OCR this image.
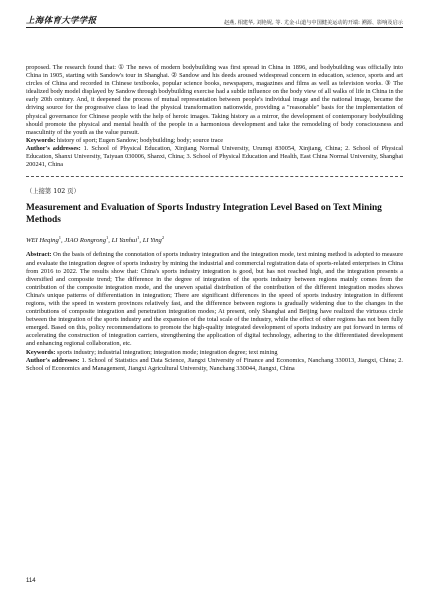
上海体育大学学报	赵燕, 相建华, 刘艳妮, 等. 尤金·山道与中国健美运动的开端: 溯源、影响及启示

proposed. The research found that: ① The news of modern bodybuilding was first spread in China in 1896, and bodybuilding was officially into China in 1905, starting with Sandow's tour in Shanghai. ② Sandow and his deeds aroused widespread concern in education, science, sports and art circles of China and recorded in Chinese textbooks, popular science books, newspapers, magazines and films as well as television works. ③ The idealized body model displayed by Sandow through bodybuilding exercise had a subtle influence on the body view of all walks of life in China in the early 20th century. And, it deepened the process of mutual representation between people's individual image and the national image, became the driving source for the progressive class to lead the physical transformation nationwide, providing a "reasonable" basis for the implementation of physical governance for Chinese people with the help of heroic images. Taking history as a mirror, the development of contemporary bodybuilding should promote the physical and mental health of the people in a harmonious development and take the remodeling of body consciousness and masculinity of the youth as the value pursuit.

Keywords: history of sport; Eugen Sandow; bodybuilding; body; source trace

Author's addresses: 1. School of Physical Education, Xinjiang Normal University, Urumqi 830054, Xinjiang, China; 2. School of Physical Education, Shanxi University, Taiyuan 030006, Shanxi, China; 3. School of Physical Education and Health, East China Normal University, Shanghai 200241, China

（上接第 102 页）

Measurement and Evaluation of Sports Industry Integration Level Based on Text Mining Methods

WEI Heqing$^1$, JIAO Rongrong$^1$, LI Yanhui$^1$, LI Ying$^2$

Abstract: On the basis of defining the connotation of sports industry integration and the integration mode, text mining method is adopted to measure and evaluate the integration degree of sports industry by mining the industrial and commercial registration data of sports-related enterprises in China from 2016 to 2022. The results show that: China's sports industry integration is good, but has not reached high, and the integration presents a diversified and composite trend; The difference in the degree of integration of the sports industry between regions mainly comes from the contribution of the composite integration mode, and the uneven spatial distribution of the contribution of the different integration modes shows China's unique patterns of differentiation in integration; There are significant differences in the speed of sports industry integration in different regions, with the speed in western provinces relatively fast, and the difference between regions is gradually widening due to the changes in the contributions of composite integration and penetration integration modes; At present, only Shanghai and Beijing have realized the virtuous circle between the integration of the sports industry and the expansion of the total scale of the industry, while the effect of other regions has not been fully emerged. Based on this, policy recommendations to promote the high-quality integrated development of sports industry are put forward in terms of accelerating the construction of integration carriers, strengthening the application of digital technology, adhering to the differentiated development and enhancing regional collaboration, etc.

Keywords: sports industry; industrial integration; integration mode; integration degree; text mining

Author's addresses: 1. School of Statistics and Data Science, Jiangxi University of Finance and Economics, Nanchang 330013, Jiangxi, China; 2. School of Economics and Management, Jiangxi Agricultural University, Nanchang 330044, Jiangxi, China

114
